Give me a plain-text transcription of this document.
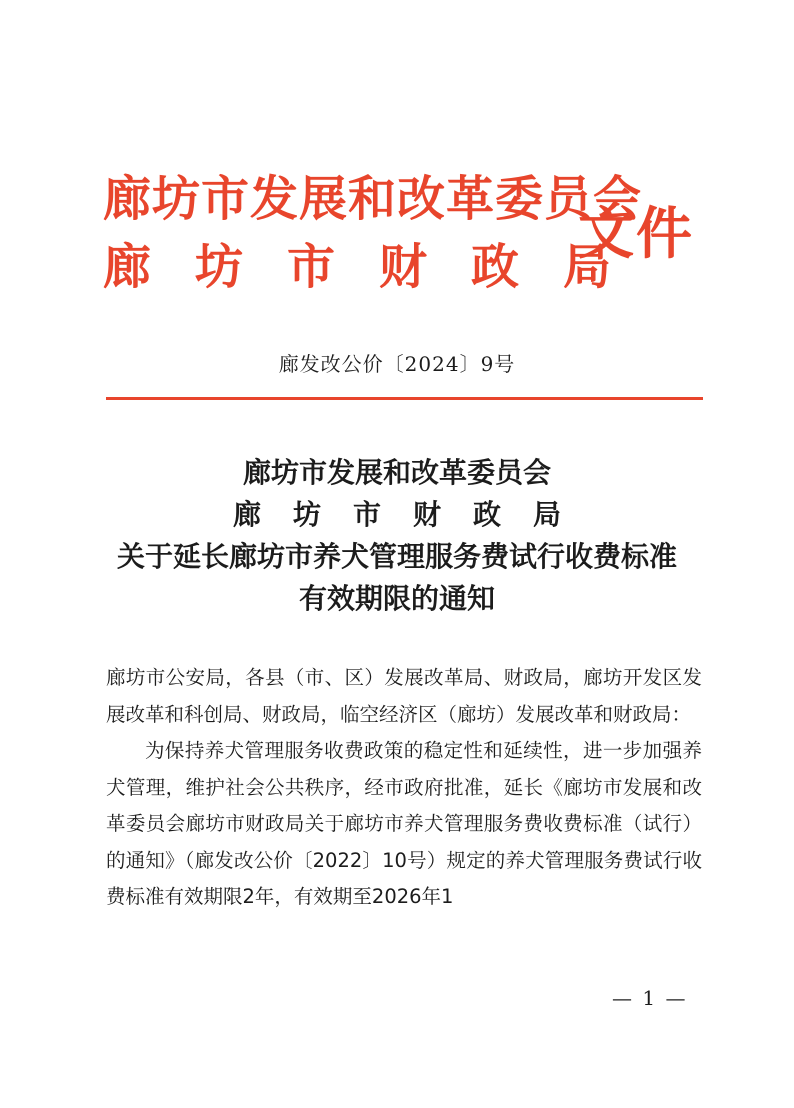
廊坊市发展和改革委员会
廊坊市财政局
文件
廊发改公价〔2024〕9号
廊坊市发展和改革委员会
廊坊市财政局
关于延长廊坊市养犬管理服务费试行收费标准
有效期限的通知

廊坊市公安局，各县（市、区）发展改革局、财政局，廊坊开发区发展改革和科创局、财政局，临空经济区（廊坊）发展改革和财政局：

为保持养犬管理服务收费政策的稳定性和延续性，进一步加强养犬管理，维护社会公共秩序，经市政府批准，延长《廊坊市发展和改革委员会廊坊市财政局关于廊坊市养犬管理服务费收费标准（试行）的通知》（廊发改公价〔2022〕10号）规定的养犬管理服务费试行收费标准有效期限2年，有效期至2026年1

— 1 —
